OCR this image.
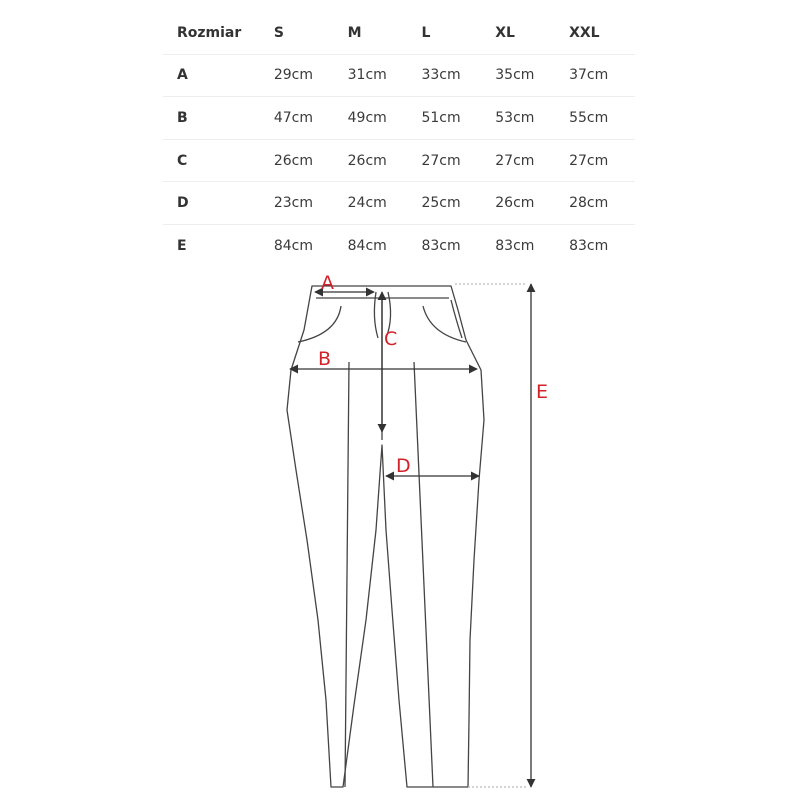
Rozmiar	S	M	L	XL	XXL
A	29cm	31cm	33cm	35cm	37cm
B	47cm	49cm	51cm	53cm	55cm
C	26cm	26cm	27cm	27cm	27cm
D	23cm	24cm	25cm	26cm	28cm
E	84cm	84cm	83cm	83cm	83cm
A
B
C
D
E
